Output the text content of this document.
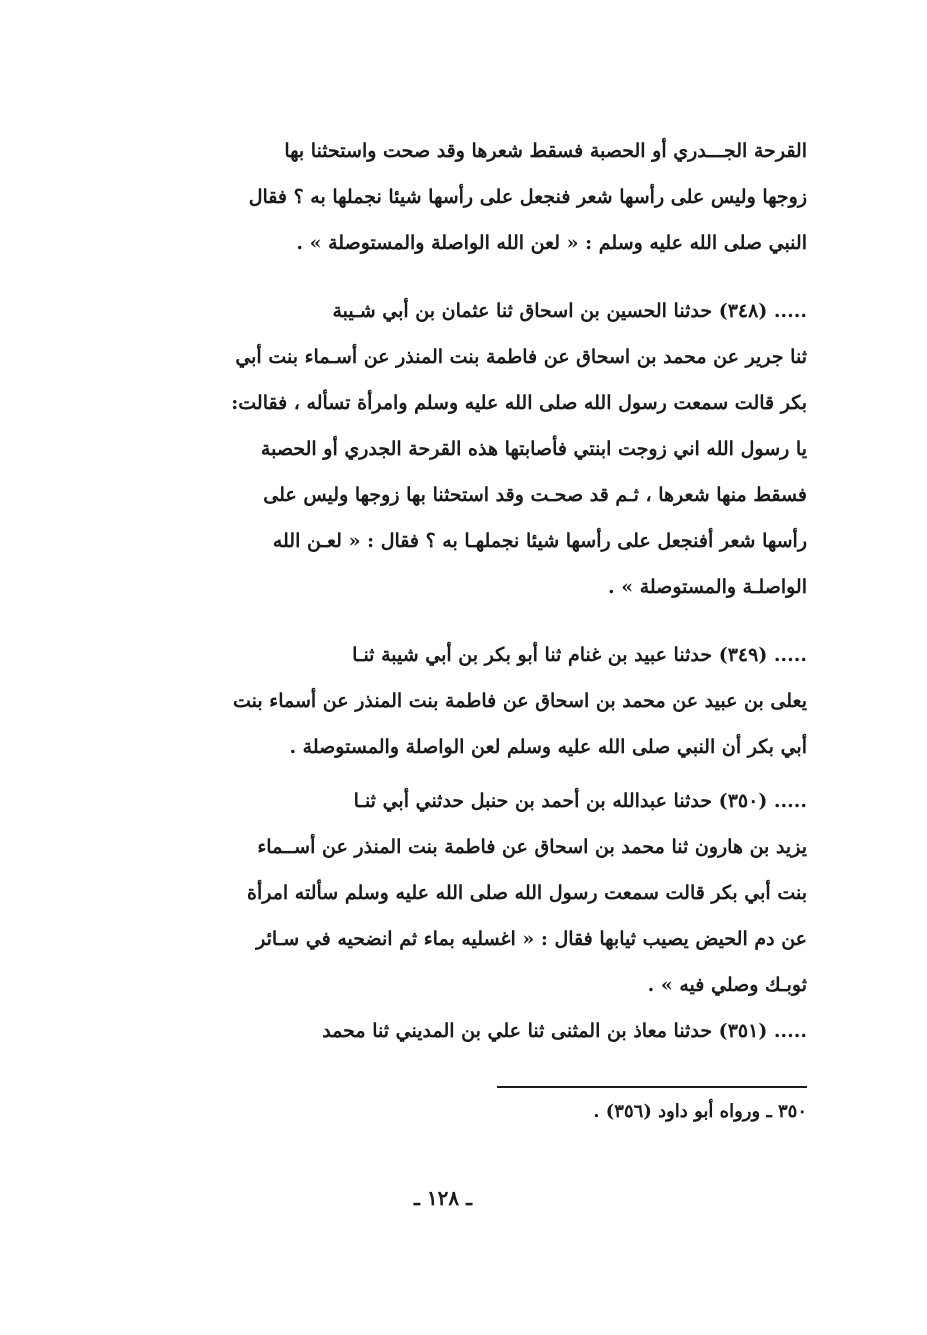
القرحة الجـــدري أو الحصبة فسقط شعرها وقد صحت واستحثنا بها
زوجها وليس على رأسها شعر فنجعل على رأسها شيئا نجملها به ؟ فقال
النبي صلى الله عليه وسلم : « لعن الله الواصلة والمستوصلة » .
..... (٣٤٨) حدثنا الحسين بن اسحاق ثنا عثمان بن أبي شـيبة
ثنا جرير عن محمد بن اسحاق عن فاطمة بنت المنذر عن أسـماء بنت أبي
بكر قالت سمعت رسول الله صلى الله عليه وسلم وامرأة تسأله ، فقالت:
يا رسول الله اني زوجت ابنتي فأصابتها هذه القرحة الجدري أو الحصبة
فسقط منها شعرها ، ثـم قد صحـت وقد استحثنا بها زوجها وليس على
رأسها شعر أفنجعل على رأسها شيئا نجملهـا به ؟ فقال : « لعـن الله
الواصلـة والمستوصلة » .
..... (٣٤٩) حدثنا عبيد بن غنام ثنا أبو بكر بن أبي شيبة ثنـا
يعلى بن عبيد عن محمد بن اسحاق عن فاطمة بنت المنذر عن أسماء بنت
أبي بكر أن النبي صلى الله عليه وسلم لعن الواصلة والمستوصلة .
..... (٣٥٠) حدثنا عبدالله بن أحمد بن حنبل حدثني أبي ثنـا
يزيد بن هارون ثنا محمد بن اسحاق عن فاطمة بنت المنذر عن أســماء
بنت أبي بكر قالت سمعت رسول الله صلى الله عليه وسلم سألته امرأة
عن دم الحيض يصيب ثيابها فقال : « اغسليه بماء ثم انضحيه في سـائر
ثوبـك وصلي فيه » .
..... (٣٥١) حدثنا معاذ بن المثنى ثنا علي بن المديني ثنا محمد
٣٥٠ ـ ورواه أبو داود (٣٥٦) .
ـ ١٢٨ ـ
